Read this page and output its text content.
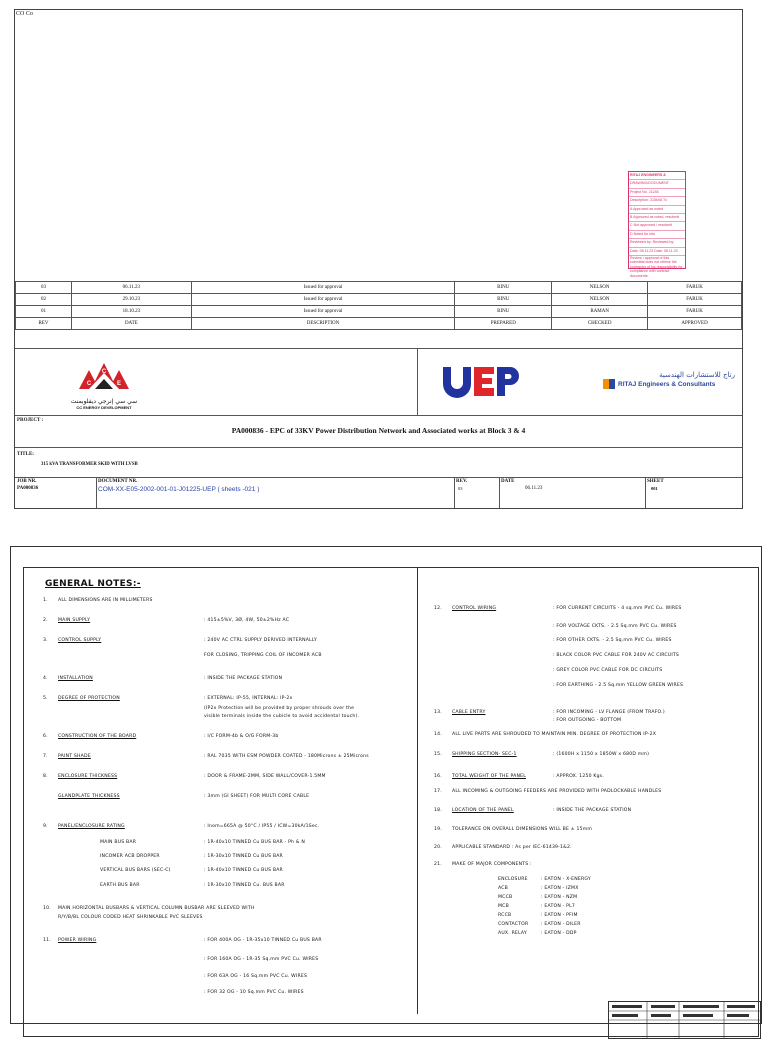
CO Co
RITAJ ENGINEERS &
DRAWING/DOCUMENT
Project No. J1245
Description: 315kVA Tx
A Approved as noted
B Approved as noted, resubmit
C Not approved / resubmit
D Noted for info
Reviewed by: Reviewed by:
Date: 08.11.23 Date: 08.11.23
Review / approval of this submittal does not relieve the contractor of his responsibility for compliance with contract documents.
03	06.11.23	Issued for approval	BINU	NELSON	FARUK
02	29.10.23	Issued for approval	BINU	NELSON	FARUK
01	18.10.23	Issued for approval	BINU	RAMAN	FARUK
REV	DATE	DESCRIPTION	PREPARED	CHECKED	APPROVED
C
C	E
سي سي إنرجي ديفلوبمنت
CC ENERGY DEVELOPMENT
رتاج للاستشارات الهندسية
RITAJ Engineers & Consultants
PROJECT :
PA000836 - EPC of 33KV Power Distribution Network and Associated works at Block 3 & 4
TITLE:
315 kVA TRANSFORMER SKID WITH LVSB
JOB NR.
PA000836
DOCUMENT NR.
COM-XX-E05-2002-001-01-J01225-UEP ( sheets -021 )
REV.
03
DATE
06.11.23
SHEET
001
GENERAL NOTES:-
1. ALL DIMENSIONS ARE IN MILLIMETERS
2. MAIN SUPPLY	: 415±5%V, 3Ø, 4W, 50±2%Hz AC
3. CONTROL SUPPLY	: 240V AC CTRL SUPPLY DERIVED INTERNALLY
FOR CLOSING, TRIPPING COIL OF INCOMER ACB
4. INSTALLATION	: INSIDE THE PACKAGE STATION
5. DEGREE OF PROTECTION	: EXTERNAL: IP-55, INTERNAL: IP-2x
(IP2x Protection will be provided by proper shrouds over the
visible terminals inside the cubicle to avoid accidental touch).
6. CONSTRUCTION OF THE BOARD	: I/C FORM-4b & O/G FORM-3b
7. PAINT SHADE	: RAL 7035 WITH ESM POWDER COATED - 180Microns ± 25Microns
8. ENCLOSURE THICKNESS	: DOOR & FRAME-2MM, SIDE WALL/COVER-1.5MM
GLANDPLATE THICKNESS	: 3mm (GI SHEET) FOR MULTI CORE CABLE
9. PANEL/ENCLOSURE RATING	: Inom=665A @ 50°C / IP55 / ICW=30kA/1Sec.
MAIN BUS BAR	: 1R-40x10 TINNED Cu BUS BAR - Ph & N
INCOMER ACB DROPPER	: 1R-30x10 TINNED Cu BUS BAR
VERTICAL BUS BARS (SEC-C)	: 1R-40x10 TINNED Cu BUS BAR
EARTH BUS BAR	: 1R-30x10 TINNED Cu. BUS BAR
10. MAIN HORIZONTAL BUSBARS & VERTICAL COLUMN BUSBAR ARE SLEEVED WITH
R/Y/B/BL COLOUR CODED HEAT SHRINKABLE PVC SLEEVES
11. POWER WIRING	: FOR 400A OG - 1R-35x10 TINNED Cu BUS BAR
: FOR 160A OG - 1R-35 Sq.mm PVC Cu. WIRES
: FOR 63A OG - 16 Sq.mm PVC Cu. WIRES
: FOR 32 OG - 10 Sq.mm PVC Cu. WIRES
12. CONTROL WIRING	: FOR CURRENT CIRCUITS - 4 sq.mm PVC Cu. WIRES
: FOR VOLTAGE CKTS. - 2.5 Sq.mm PVC Cu. WIRES
: FOR OTHER CKTS. - 2.5 Sq.mm PVC Cu. WIRES
: BLACK COLOR PVC CABLE FOR 240V AC CIRCUITS
: GREY COLOR PVC CABLE FOR DC CIRCUITS
: FOR EARTHING - 2.5 Sq.mm YELLOW GREEN WIRES
13. CABLE ENTRY	: FOR INCOMING - LV FLANGE (FROM TRAFO.)
: FOR OUTGOING - BOTTOM
14. ALL LIVE PARTS ARE SHROUDED TO MAINTAIN MIN. DEGREE OF PROTECTION IP-2X
15. SHIPPING SECTION- SEC-1	: (1600H x 1150 x 1850W x 680D mm)
16. TOTAL WEIGHT OF THE PANEL	: APPROX. 1250 Kgs.
17. ALL INCOMING & OUTGOING FEEDERS ARE PROVIDED WITH PADLOCKABLE HANDLES
18. LOCATION OF THE PANEL	: INSIDE THE PACKAGE STATION
19. TOLERANCE ON OVERALL DIMENSIONS WILL BE ± 15mm
20. APPLICABLE STANDARD : As per IEC-61439-1&2.
21. MAKE OF MAJOR COMPONENTS :
ENCLOSURE	: EATON - X-ENERGY
ACB	: EATON - IZMX
MCCB	: EATON - NZM
MCB	: EATON - PL7
RCCB	: EATON - PFIM
CONTACTOR	: EATON - DILER
AUX. RELAY	: EATON - DDP
